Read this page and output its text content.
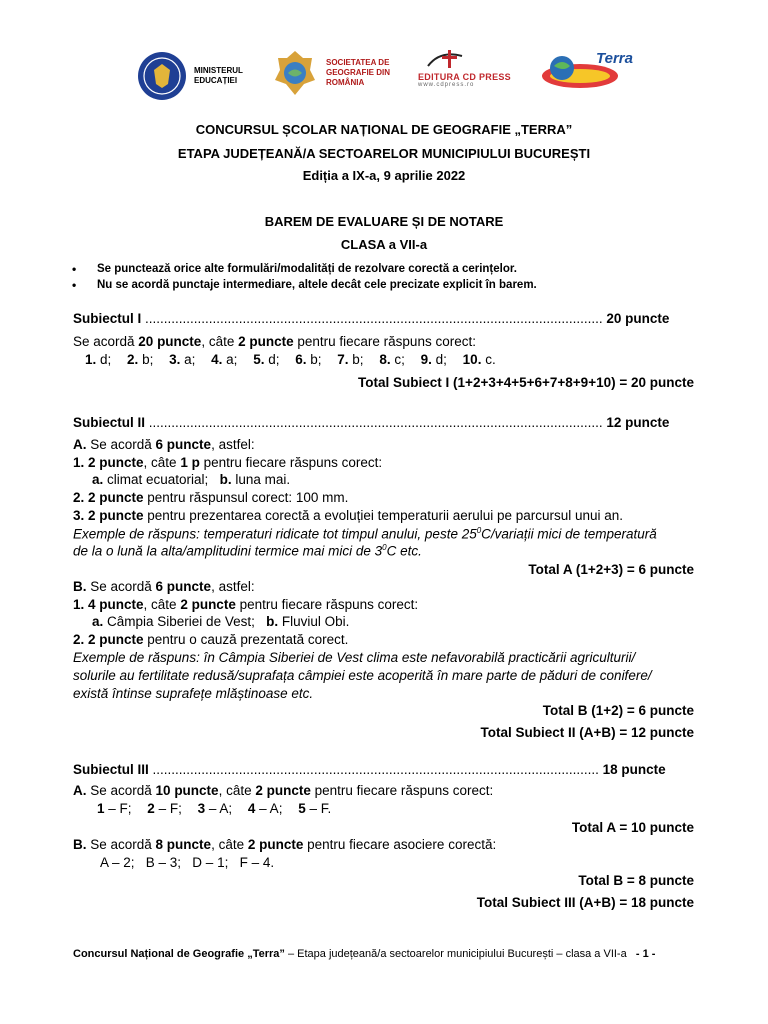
MINISTERUL EDUCAȚIEI
SOCIETATEA DE GEOGRAFIE DIN ROMÂNIA
EDITURA CD PRESS
www.cdpress.ro
Terra
CONCURSUL ȘCOLAR NAȚIONAL DE GEOGRAFIE „TERRA”
ETAPA JUDEȚEANĂ/A SECTOARELOR MUNICIPIULUI BUCUREȘTI
Ediția a IX-a, 9 aprilie 2022
BAREM DE EVALUARE ȘI DE NOTARE
CLASA a VII-a
•	Se punctează orice alte formulări/modalități de rezolvare corectă a cerințelor.
•	Nu se acordă punctaje intermediare, altele decât cele precizate explicit în barem.
Subiectul I .......................................................................................................................... 20 puncte
Se acordă 20 puncte, câte 2 puncte pentru fiecare răspuns corect:
1. d; 2. b; 3. a; 4. a; 5. d; 6. b; 7. b; 8. c; 9. d; 10. c.
Total Subiect I (1+2+3+4+5+6+7+8+9+10) = 20 puncte
Subiectul II ......................................................................................................................... 12 puncte
A. Se acordă 6 puncte, astfel:
1. 2 puncte, câte 1 p pentru fiecare răspuns corect:
a. climat ecuatorial; b. luna mai.
2. 2 puncte pentru răspunsul corect: 100 mm.
3. 2 puncte pentru prezentarea corectă a evoluției temperaturii aerului pe parcursul unui an.
Exemple de răspuns: temperaturi ridicate tot timpul anului, peste $25^0C$/variații mici de temperatură
de la o lună la alta/amplitudini termice mai mici de $3^0C$ etc.
Total A (1+2+3) = 6 puncte
B. Se acordă 6 puncte, astfel:
1. 4 puncte, câte 2 puncte pentru fiecare răspuns corect:
a. Câmpia Siberiei de Vest; b. Fluviul Obi.
2. 2 puncte pentru o cauză prezentată corect.
Exemple de răspuns: în Câmpia Siberiei de Vest clima este nefavorabilă practicării agriculturii/
solurile au fertilitate redusă/suprafața câmpiei este acoperită în mare parte de păduri de conifere/
există întinse suprafețe mlăștinoase etc.
Total B (1+2) = 6 puncte
Total Subiect II (A+B) = 12 puncte
Subiectul III ....................................................................................................................... 18 puncte
A. Se acordă 10 puncte, câte 2 puncte pentru fiecare răspuns corect:
1 – F; 2 – F; 3 – A; 4 – A; 5 – F.
Total A = 10 puncte
B. Se acordă 8 puncte, câte 2 puncte pentru fiecare asociere corectă:
A – 2;   B – 3;   D – 1;   F – 4.
Total B = 8 puncte
Total Subiect III (A+B) = 18 puncte
Concursul Național de Geografie „Terra” – Etapa județeană/a sectoarelor municipiului București – clasa a VII-a - 1 -
